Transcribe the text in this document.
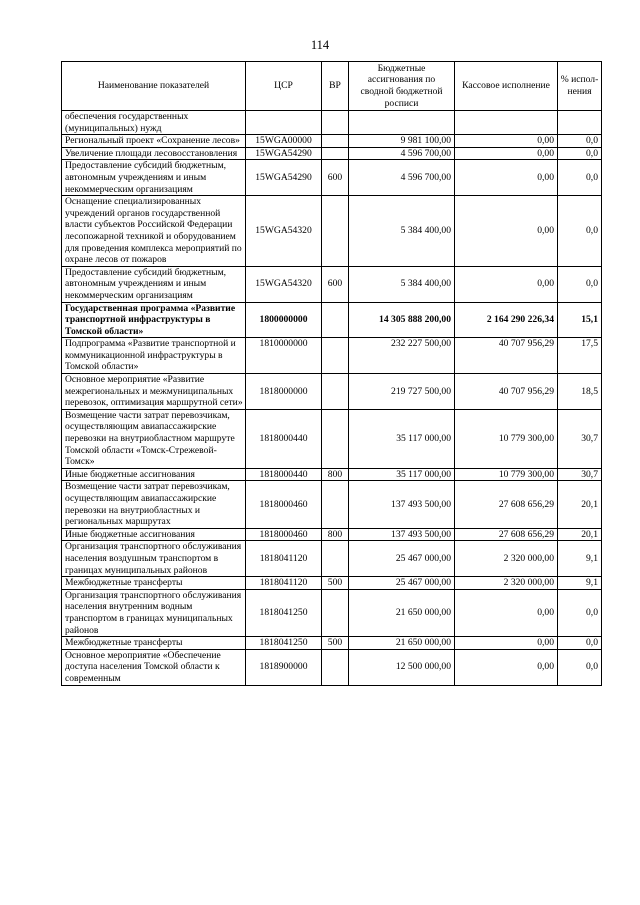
114
Наименование показателей	ЦСР	ВР	Бюджетные ассигнования по сводной бюджетной росписи	Кассовое исполнение	% испол-нения
обеспечения государственных (муниципальных) нужд					
Региональный проект «Сохранение лесов»	15WGA00000		9 981 100,00	0,00	0,0
Увеличение площади лесовосстановления	15WGA54290		4 596 700,00	0,00	0,0
Предоставление субсидий бюджетным, автономным учреждениям и иным некоммерческим организациям	15WGA54290	600	4 596 700,00	0,00	0,0
Оснащение специализированных учреждений органов государственной власти субъектов Российской Федерации лесопожарной техникой и оборудованием для проведения комплекса мероприятий по охране лесов от пожаров	15WGA54320		5 384 400,00	0,00	0,0
Предоставление субсидий бюджетным, автономным учреждениям и иным некоммерческим организациям	15WGA54320	600	5 384 400,00	0,00	0,0
Государственная программа «Развитие транспортной инфраструктуры в Томской области»	1800000000		14 305 888 200,00	2 164 290 226,34	15,1
Подпрограмма «Развитие транспортной и коммуникационной инфраструктуры в Томской области»	1810000000		232 227 500,00	40 707 956,29	17,5
Основное мероприятие «Развитие межрегиональных и межмуниципальных перевозок, оптимизация маршрутной сети»	1818000000		219 727 500,00	40 707 956,29	18,5
Возмещение части затрат перевозчикам, осуществляющим авиапассажирские перевозки на внутриобластном маршруте Томской области «Томск-Стрежевой-Томск»	1818000440		35 117 000,00	10 779 300,00	30,7
Иные бюджетные ассигнования	1818000440	800	35 117 000,00	10 779 300,00	30,7
Возмещение части затрат перевозчикам, осуществляющим авиапассажирские перевозки на внутриобластных и региональных маршрутах	1818000460		137 493 500,00	27 608 656,29	20,1
Иные бюджетные ассигнования	1818000460	800	137 493 500,00	27 608 656,29	20,1
Организация транспортного обслуживания населения воздушным транспортом в границах муниципальных районов	1818041120		25 467 000,00	2 320 000,00	9,1
Межбюджетные трансферты	1818041120	500	25 467 000,00	2 320 000,00	9,1
Организация транспортного обслуживания населения внутренним водным транспортом в границах муниципальных районов	1818041250		21 650 000,00	0,00	0,0
Межбюджетные трансферты	1818041250	500	21 650 000,00	0,00	0,0
Основное мероприятие «Обеспечение доступа населения Томской области к современным	1818900000		12 500 000,00	0,00	0,0
